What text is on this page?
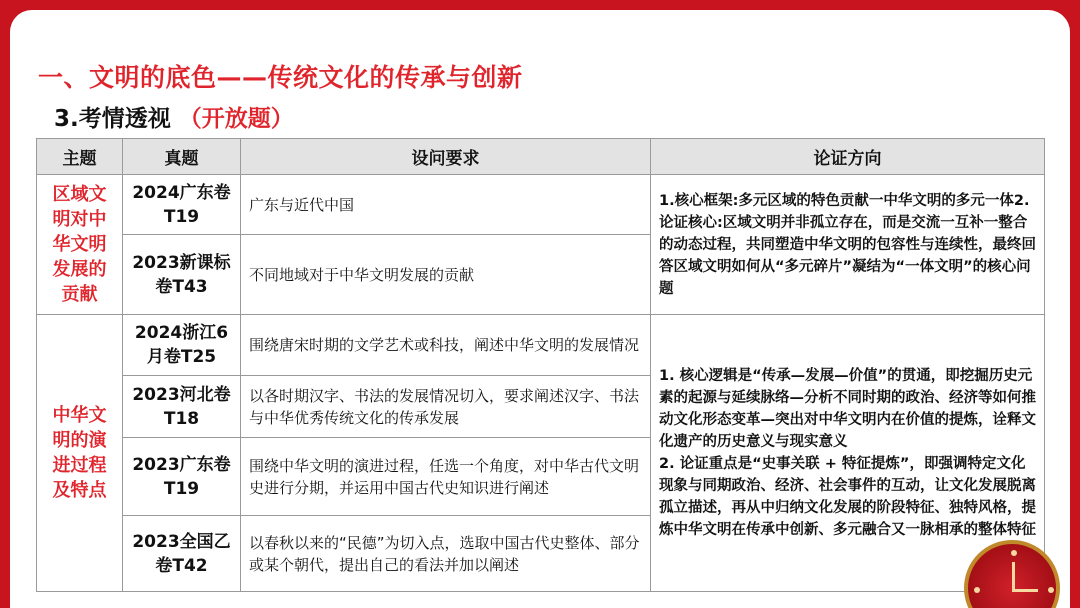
一、文明的底色——传统文化的传承与创新
3.考情透视 （开放题）
主题	真题	设问要求	论证方向
区域文明对中华文明发展的贡献	2024广东卷T19	广东与近代中国	1.核心框架:多元区域的特色贡献一中华文明的多元一体2.论证核心:区域文明并非孤立存在，而是交流一互补一整合的动态过程，共同塑造中华文明的包容性与连续性，最终回答区域文明如何从“多元碎片”凝结为“一体文明”的核心问题
	2023新课标卷T43	不同地域对于中华文明发展的贡献	
中华文明的演进过程及特点	2024浙江6月卷T25	围绕唐宋时期的文学艺术或科技，阐述中华文明的发展情况	1. 核心逻辑是“传承—发展—价值”的贯通，即挖掘历史元素的起源与延续脉络—分析不同时期的政治、经济等如何推动文化形态变革—突出对中华文明内在价值的提炼，诠释文化遗产的历史意义与现实意义
2. 论证重点是“史事关联 + 特征提炼”，即强调特定文化现象与同期政治、经济、社会事件的互动，让文化发展脱离孤立描述，再从中归纳文化发展的阶段特征、独特风格，提炼中华文明在传承中创新、多元融合又一脉相承的整体特征

	2023河北卷T18	以各时期汉字、书法的发展情况切入，要求阐述汉字、书法与中华优秀传统文化的传承发展	
	2023广东卷T19	围绕中华文明的演进过程，任选一个角度，对中华古代文明史进行分期，并运用中国古代史知识进行阐述	
	2023全国乙卷T42	以春秋以来的“民德”为切入点，选取中国古代史整体、部分或某个朝代，提出自己的看法并加以阐述	
